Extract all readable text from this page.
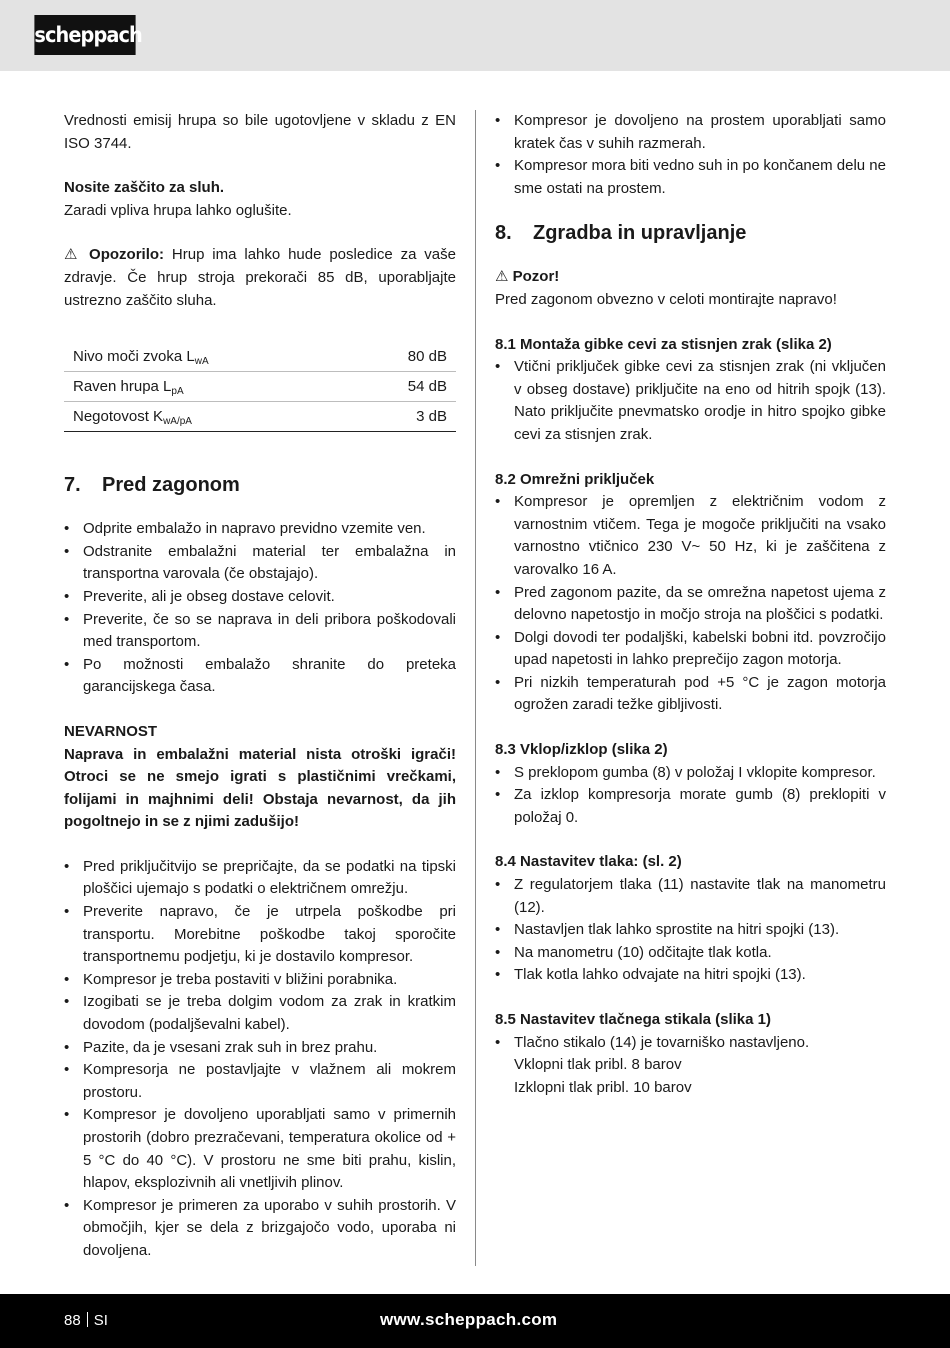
scheppach

Vrednosti emisij hrupa so bile ugotovljene v skladu z EN ISO 3744.

Nosite zaščito za sluh.

Zaradi vpliva hrupa lahko oglušite.

⚠ Opozorilo: Hrup ima lahko hude posledice za vaše zdravje. Če hrup stroja prekorači 85 dB, uporabljajte ustrezno zaščito sluha.

Nivo moči zvoka $L_{wA}$	80 dB
Raven hrupa $L_{pA}$	54 dB
Negotovost $K_{wA/pA}$	3 dB
7.	Pred zagonom
• Odprite embalažo in napravo previdno vzemite ven.
• Odstranite embalažni material ter embalažna in transportna varovala (če obstajajo).
• Preverite, ali je obseg dostave celovit.
• Preverite, če so se naprava in deli pribora poškodovali med transportom.
• Po možnosti embalažo shranite do preteka garancijskega časa.

NEVARNOST

Naprava in embalažni material nista otroški igrači! Otroci se ne smejo igrati s plastičnimi vrečkami, folijami in majhnimi deli! Obstaja nevarnost, da jih pogoltnejo in se z njimi zadušijo!

• Pred priključitvijo se prepričajte, da se podatki na tipski ploščici ujemajo s podatki o električnem omrežju.
• Preverite napravo, če je utrpela poškodbe pri transportu. Morebitne poškodbe takoj sporočite transportnemu podjetju, ki je dostavilo kompresor.
• Kompresor je treba postaviti v bližini porabnika.
• Izogibati se je treba dolgim vodom za zrak in kratkim dovodom (podaljševalni kabel).
• Pazite, da je vsesani zrak suh in brez prahu.
• Kompresorja ne postavljajte v vlažnem ali mokrem prostoru.
• Kompresor je dovoljeno uporabljati samo v primernih prostorih (dobro prezračevani, temperatura okolice od + 5 °C do 40 °C). V prostoru ne sme biti prahu, kislin, hlapov, eksplozivnih ali vnetljivih plinov.
• Kompresor je primeren za uporabo v suhih prostorih. V območjih, kjer se dela z brizgajočo vodo, uporaba ni dovoljena.
• Kompresor je dovoljeno na prostem uporabljati samo kratek čas v suhih razmerah.
• Kompresor mora biti vedno suh in po končanem delu ne sme ostati na prostem.
8.	Zgradba in upravljanje

⚠ Pozor!

Pred zagonom obvezno v celoti montirajte napravo!

8.1 Montaža gibke cevi za stisnjen zrak (slika 2)

• Vtični priključek gibke cevi za stisnjen zrak (ni vključen v obseg dostave) priključite na eno od hitrih spojk (13). Nato priključite pnevmatsko orodje in hitro spojko gibke cevi za stisnjen zrak.

8.2 Omrežni priključek

• Kompresor je opremljen z električnim vodom z varnostnim vtičem. Tega je mogoče priključiti na vsako varnostno vtičnico 230 V~ 50 Hz, ki je zaščitena z varovalko 16 A.
• Pred zagonom pazite, da se omrežna napetost ujema z delovno napetostjo in močjo stroja na ploščici s podatki.
• Dolgi dovodi ter podaljški, kabelski bobni itd. povzročijo upad napetosti in lahko preprečijo zagon motorja.
• Pri nizkih temperaturah pod +5 °C je zagon motorja ogrožen zaradi težke gibljivosti.

8.3 Vklop/izklop (slika 2)

• S preklopom gumba (8) v položaj I vklopite kompresor.
• Za izklop kompresorja morate gumb (8) preklopiti v položaj 0.

8.4 Nastavitev tlaka: (sl. 2)

• Z regulatorjem tlaka (11) nastavite tlak na manometru (12).
• Nastavljen tlak lahko sprostite na hitri spojki (13).
• Na manometru (10) odčitajte tlak kotla.
• Tlak kotla lahko odvajate na hitri spojki (13).

8.5 Nastavitev tlačnega stikala (slika 1)

• Tlačno stikalo (14) je tovarniško nastavljeno.
Vklopni tlak pribl. 8 barov
Izklopni tlak pribl. 10 barov
88 SI	www.scheppach.com
